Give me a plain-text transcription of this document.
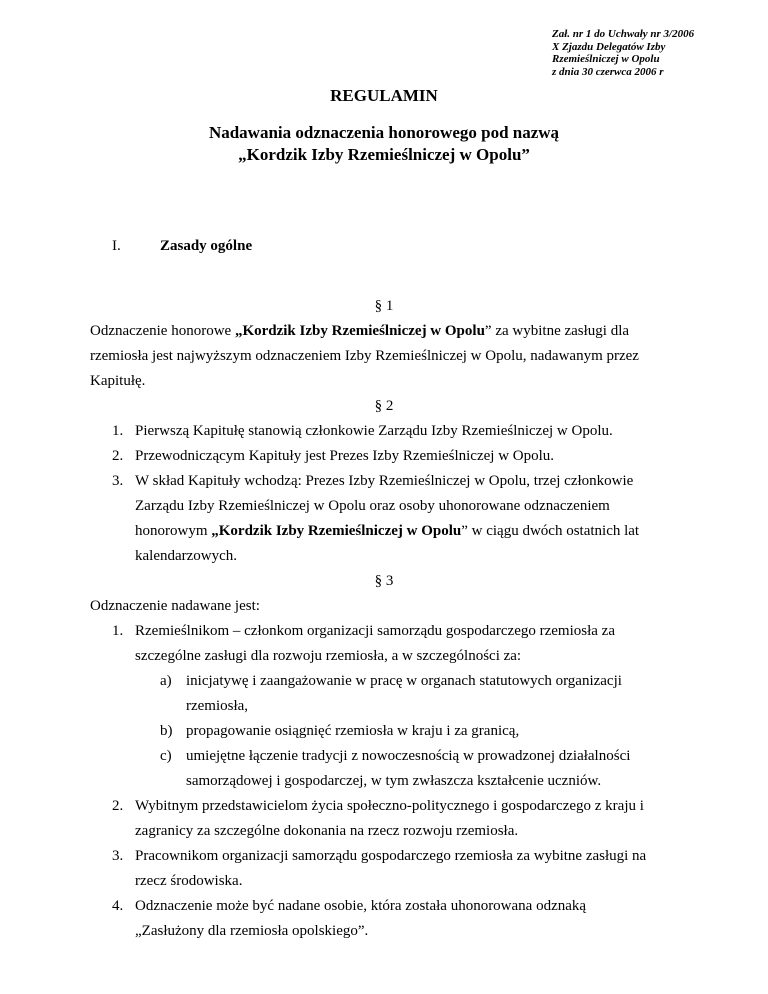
Zał. nr 1 do Uchwały nr 3/2006
X Zjazdu Delegatów Izby
Rzemieślniczej w Opolu
z dnia 30 czerwca 2006 r
REGULAMIN
Nadawania odznaczenia honorowego pod nazwą
„Kordzik Izby Rzemieślniczej w Opolu”
I.	Zasady ogólne
§ 1
Odznaczenie honorowe „Kordzik Izby Rzemieślniczej w Opolu” za wybitne zasługi dla
rzemiosła jest najwyższym odznaczeniem Izby Rzemieślniczej w Opolu, nadawanym przez
Kapitułę.
§ 2
1. Pierwszą Kapitułę stanowią członkowie Zarządu Izby Rzemieślniczej w Opolu.
2. Przewodniczącym Kapituły jest Prezes Izby Rzemieślniczej w Opolu.
3. W skład Kapituły wchodzą: Prezes Izby Rzemieślniczej w Opolu, trzej członkowie
Zarządu Izby Rzemieślniczej w Opolu oraz osoby uhonorowane odznaczeniem
honorowym „Kordzik Izby Rzemieślniczej w Opolu” w ciągu dwóch ostatnich lat
kalendarzowych.
§ 3
Odznaczenie nadawane jest:
1. Rzemieślnikom – członkom organizacji samorządu gospodarczego rzemiosła za
szczególne zasługi dla rozwoju rzemiosła, a w szczególności za:
a) inicjatywę i zaangażowanie w pracę w organach statutowych organizacji
rzemiosła,
b) propagowanie osiągnięć rzemiosła w kraju i za granicą,
c) umiejętne łączenie tradycji z nowoczesnością w prowadzonej działalności
samorządowej i gospodarczej, w tym zwłaszcza kształcenie uczniów.
2. Wybitnym przedstawicielom życia społeczno-politycznego i gospodarczego z kraju i
zagranicy za szczególne dokonania na rzecz rozwoju rzemiosła.
3. Pracownikom organizacji samorządu gospodarczego rzemiosła za wybitne zasługi na
rzecz środowiska.
4. Odznaczenie może być nadane osobie, która została uhonorowana odznaką
„Zasłużony dla rzemiosła opolskiego”.
